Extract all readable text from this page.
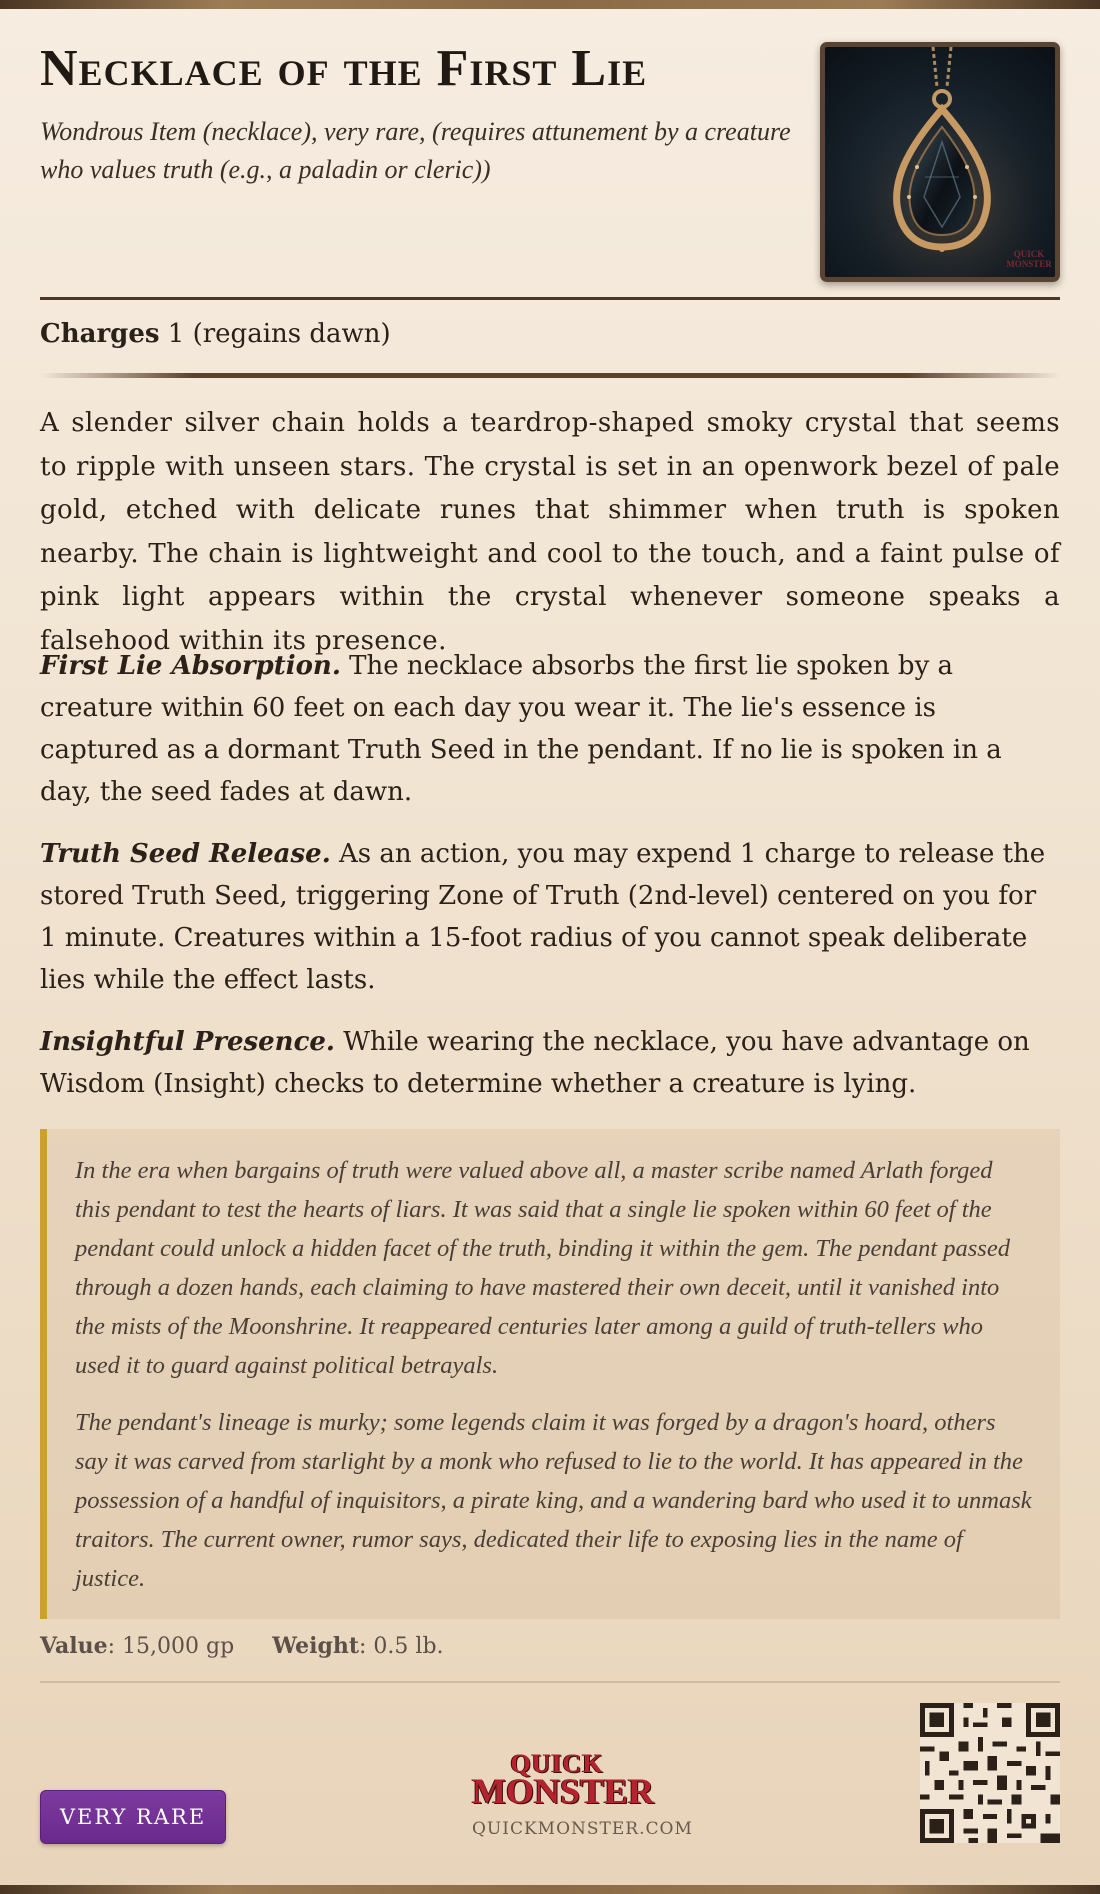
Necklace of the First Lie
Wondrous Item (necklace), very rare, (requires attunement by a creature who values truth (e.g., a paladin or cleric))
QUICK
MONSTER
Charges 1 (regains dawn)

A slender silver chain holds a teardrop-shaped smoky crystal that seems to ripple with unseen stars. The crystal is set in an openwork bezel of pale gold, etched with delicate runes that shimmer when truth is spoken nearby. The chain is lightweight and cool to the touch, and a faint pulse of pink light appears within the crystal whenever someone speaks a falsehood within its presence.

First Lie Absorption. The necklace absorbs the first lie spoken by a creature within 60 feet on each day you wear it. The lie's essence is captured as a dormant Truth Seed in the pendant. If no lie is spoken in a day, the seed fades at dawn.

Truth Seed Release. As an action, you may expend 1 charge to release the stored Truth Seed, triggering Zone of Truth (2nd-level) centered on you for 1 minute. Creatures within a 15-foot radius of you cannot speak deliberate lies while the effect lasts.

Insightful Presence. While wearing the necklace, you have advantage on Wisdom (Insight) checks to determine whether a creature is lying.

In the era when bargains of truth were valued above all, a master scribe named Arlath forged this pendant to test the hearts of liars. It was said that a single lie spoken within 60 feet of the pendant could unlock a hidden facet of the truth, binding it within the gem. The pendant passed through a dozen hands, each claiming to have mastered their own deceit, until it vanished into the mists of the Moonshrine. It reappeared centuries later among a guild of truth-tellers who used it to guard against political betrayals.

The pendant's lineage is murky; some legends claim it was forged by a dragon's hoard, others say it was carved from starlight by a monk who refused to lie to the world. It has appeared in the possession of a handful of inquisitors, a pirate king, and a wandering bard who used it to unmask traitors. The current owner, rumor says, dedicated their life to exposing lies in the name of justice.

Value: 15,000 gp Weight: 0.5 lb.
VERY RARE
QUICK
MONSTER
QUICKMONSTER.COM
